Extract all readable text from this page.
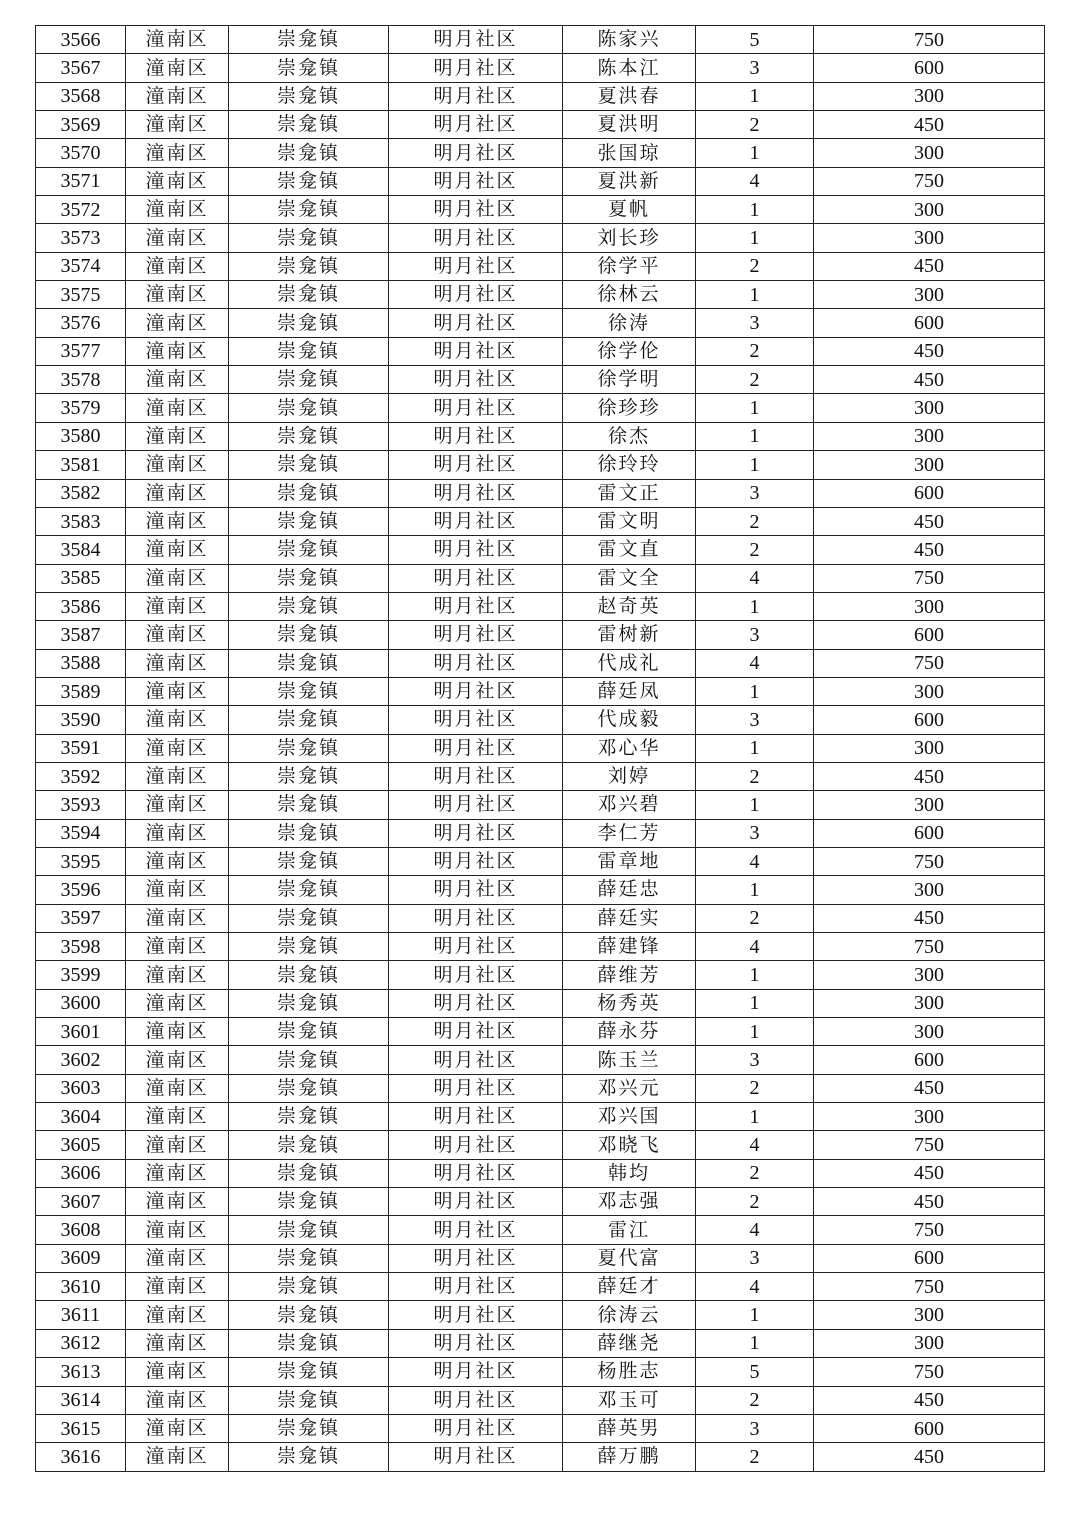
3566	潼南区	崇龛镇	明月社区	陈家兴	5	750
3567	潼南区	崇龛镇	明月社区	陈本江	3	600
3568	潼南区	崇龛镇	明月社区	夏洪春	1	300
3569	潼南区	崇龛镇	明月社区	夏洪明	2	450
3570	潼南区	崇龛镇	明月社区	张国琼	1	300
3571	潼南区	崇龛镇	明月社区	夏洪新	4	750
3572	潼南区	崇龛镇	明月社区	夏帆	1	300
3573	潼南区	崇龛镇	明月社区	刘长珍	1	300
3574	潼南区	崇龛镇	明月社区	徐学平	2	450
3575	潼南区	崇龛镇	明月社区	徐林云	1	300
3576	潼南区	崇龛镇	明月社区	徐涛	3	600
3577	潼南区	崇龛镇	明月社区	徐学伦	2	450
3578	潼南区	崇龛镇	明月社区	徐学明	2	450
3579	潼南区	崇龛镇	明月社区	徐珍珍	1	300
3580	潼南区	崇龛镇	明月社区	徐杰	1	300
3581	潼南区	崇龛镇	明月社区	徐玲玲	1	300
3582	潼南区	崇龛镇	明月社区	雷文正	3	600
3583	潼南区	崇龛镇	明月社区	雷文明	2	450
3584	潼南区	崇龛镇	明月社区	雷文直	2	450
3585	潼南区	崇龛镇	明月社区	雷文全	4	750
3586	潼南区	崇龛镇	明月社区	赵奇英	1	300
3587	潼南区	崇龛镇	明月社区	雷树新	3	600
3588	潼南区	崇龛镇	明月社区	代成礼	4	750
3589	潼南区	崇龛镇	明月社区	薛廷凤	1	300
3590	潼南区	崇龛镇	明月社区	代成毅	3	600
3591	潼南区	崇龛镇	明月社区	邓心华	1	300
3592	潼南区	崇龛镇	明月社区	刘婷	2	450
3593	潼南区	崇龛镇	明月社区	邓兴碧	1	300
3594	潼南区	崇龛镇	明月社区	李仁芳	3	600
3595	潼南区	崇龛镇	明月社区	雷章地	4	750
3596	潼南区	崇龛镇	明月社区	薛廷忠	1	300
3597	潼南区	崇龛镇	明月社区	薛廷实	2	450
3598	潼南区	崇龛镇	明月社区	薛建锋	4	750
3599	潼南区	崇龛镇	明月社区	薛维芳	1	300
3600	潼南区	崇龛镇	明月社区	杨秀英	1	300
3601	潼南区	崇龛镇	明月社区	薛永芬	1	300
3602	潼南区	崇龛镇	明月社区	陈玉兰	3	600
3603	潼南区	崇龛镇	明月社区	邓兴元	2	450
3604	潼南区	崇龛镇	明月社区	邓兴国	1	300
3605	潼南区	崇龛镇	明月社区	邓晓飞	4	750
3606	潼南区	崇龛镇	明月社区	韩均	2	450
3607	潼南区	崇龛镇	明月社区	邓志强	2	450
3608	潼南区	崇龛镇	明月社区	雷江	4	750
3609	潼南区	崇龛镇	明月社区	夏代富	3	600
3610	潼南区	崇龛镇	明月社区	薛廷才	4	750
3611	潼南区	崇龛镇	明月社区	徐涛云	1	300
3612	潼南区	崇龛镇	明月社区	薛继尧	1	300
3613	潼南区	崇龛镇	明月社区	杨胜志	5	750
3614	潼南区	崇龛镇	明月社区	邓玉可	2	450
3615	潼南区	崇龛镇	明月社区	薛英男	3	600
3616	潼南区	崇龛镇	明月社区	薛万鹏	2	450
